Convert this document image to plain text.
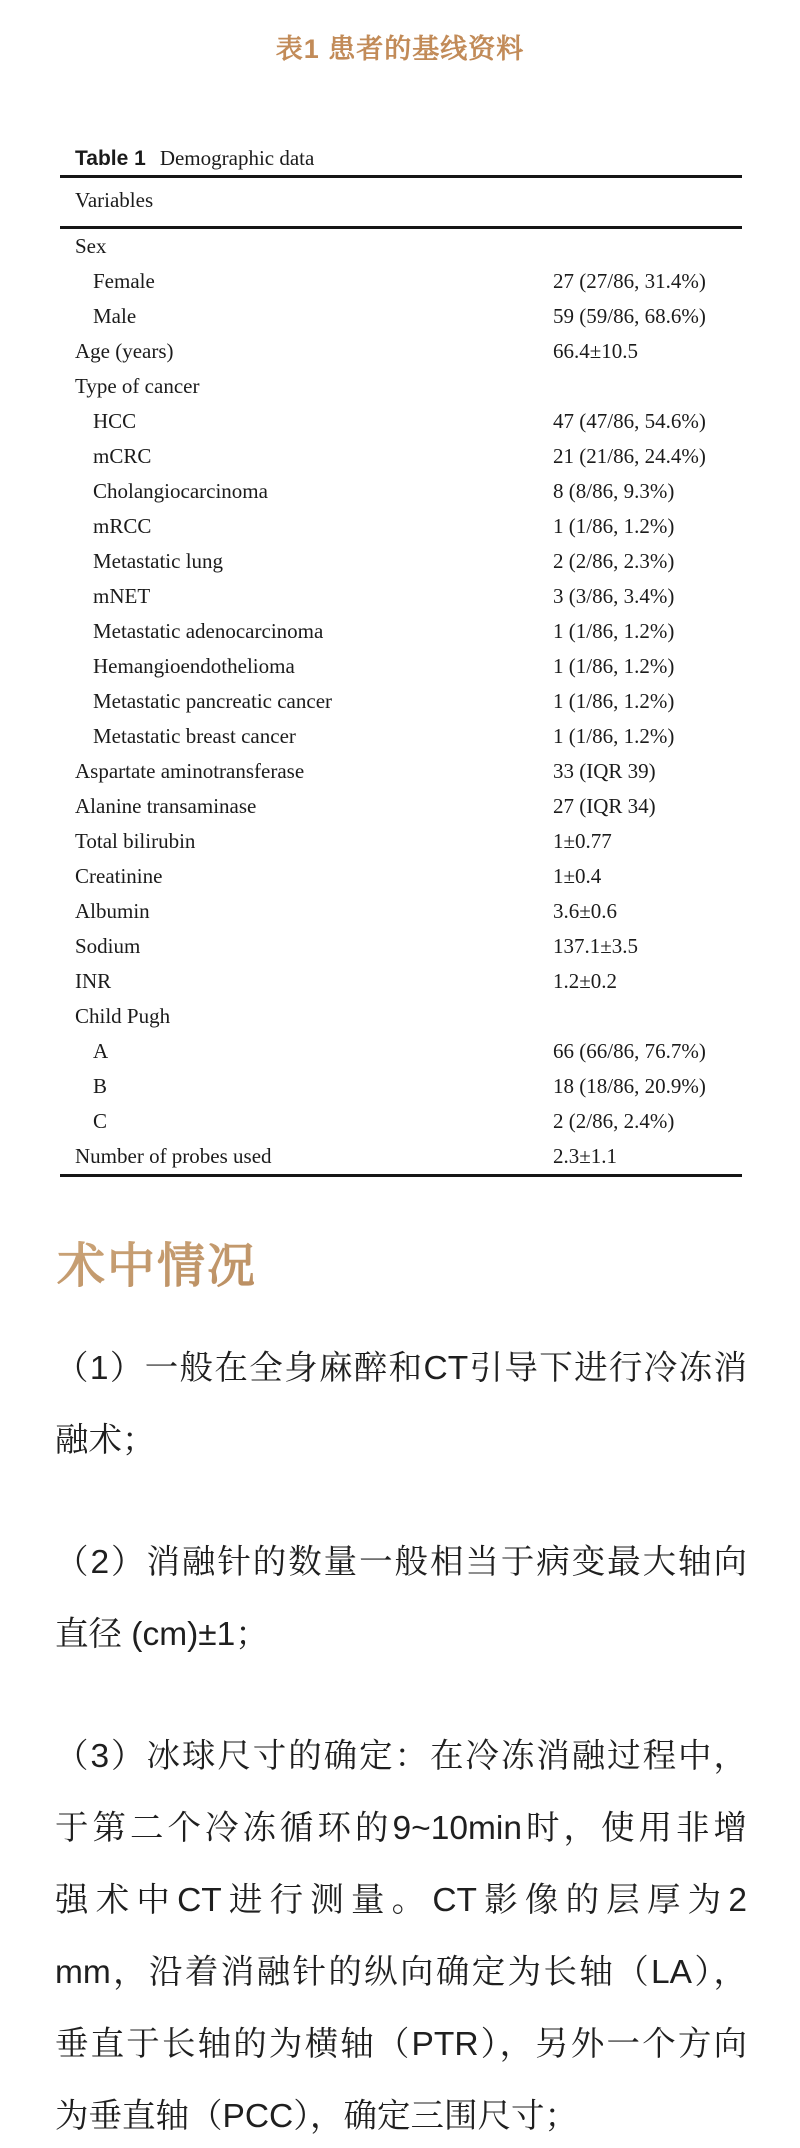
表1 患者的基线资料
Table 1 Demographic data
Variables
Sex
Female	27 (27/86, 31.4%)
Male	59 (59/86, 68.6%)
Age (years)	66.4±10.5
Type of cancer
HCC	47 (47/86, 54.6%)
mCRC	21 (21/86, 24.4%)
Cholangiocarcinoma	8 (8/86, 9.3%)
mRCC	1 (1/86, 1.2%)
Metastatic lung	2 (2/86, 2.3%)
mNET	3 (3/86, 3.4%)
Metastatic adenocarcinoma	1 (1/86, 1.2%)
Hemangioendothelioma	1 (1/86, 1.2%)
Metastatic pancreatic cancer	1 (1/86, 1.2%)
Metastatic breast cancer	1 (1/86, 1.2%)
Aspartate aminotransferase	33 (IQR 39)
Alanine transaminase	27 (IQR 34)
Total bilirubin	1±0.77
Creatinine	1±0.4
Albumin	3.6±0.6
Sodium	137.1±3.5
INR	1.2±0.2
Child Pugh
A	66 (66/86, 76.7%)
B	18 (18/86, 20.9%)
C	2 (2/86, 2.4%)
Number of probes used	2.3±1.1
术中情况
（1）一般在全身麻醉和CT引导下进行冷冻消
融术；
（2）消融针的数量一般相当于病变最大轴向
直径 (cm)±1；
（3）冰球尺寸的确定：在冷冻消融过程中，
于第二个冷冻循环的9~10min时，使用非增
强术中CT进行测量。CT影像的层厚为2
mm，沿着消融针的纵向确定为长轴（LA），
垂直于长轴的为横轴（PTR），另外一个方向
为垂直轴（PCC），确定三围尺寸；
